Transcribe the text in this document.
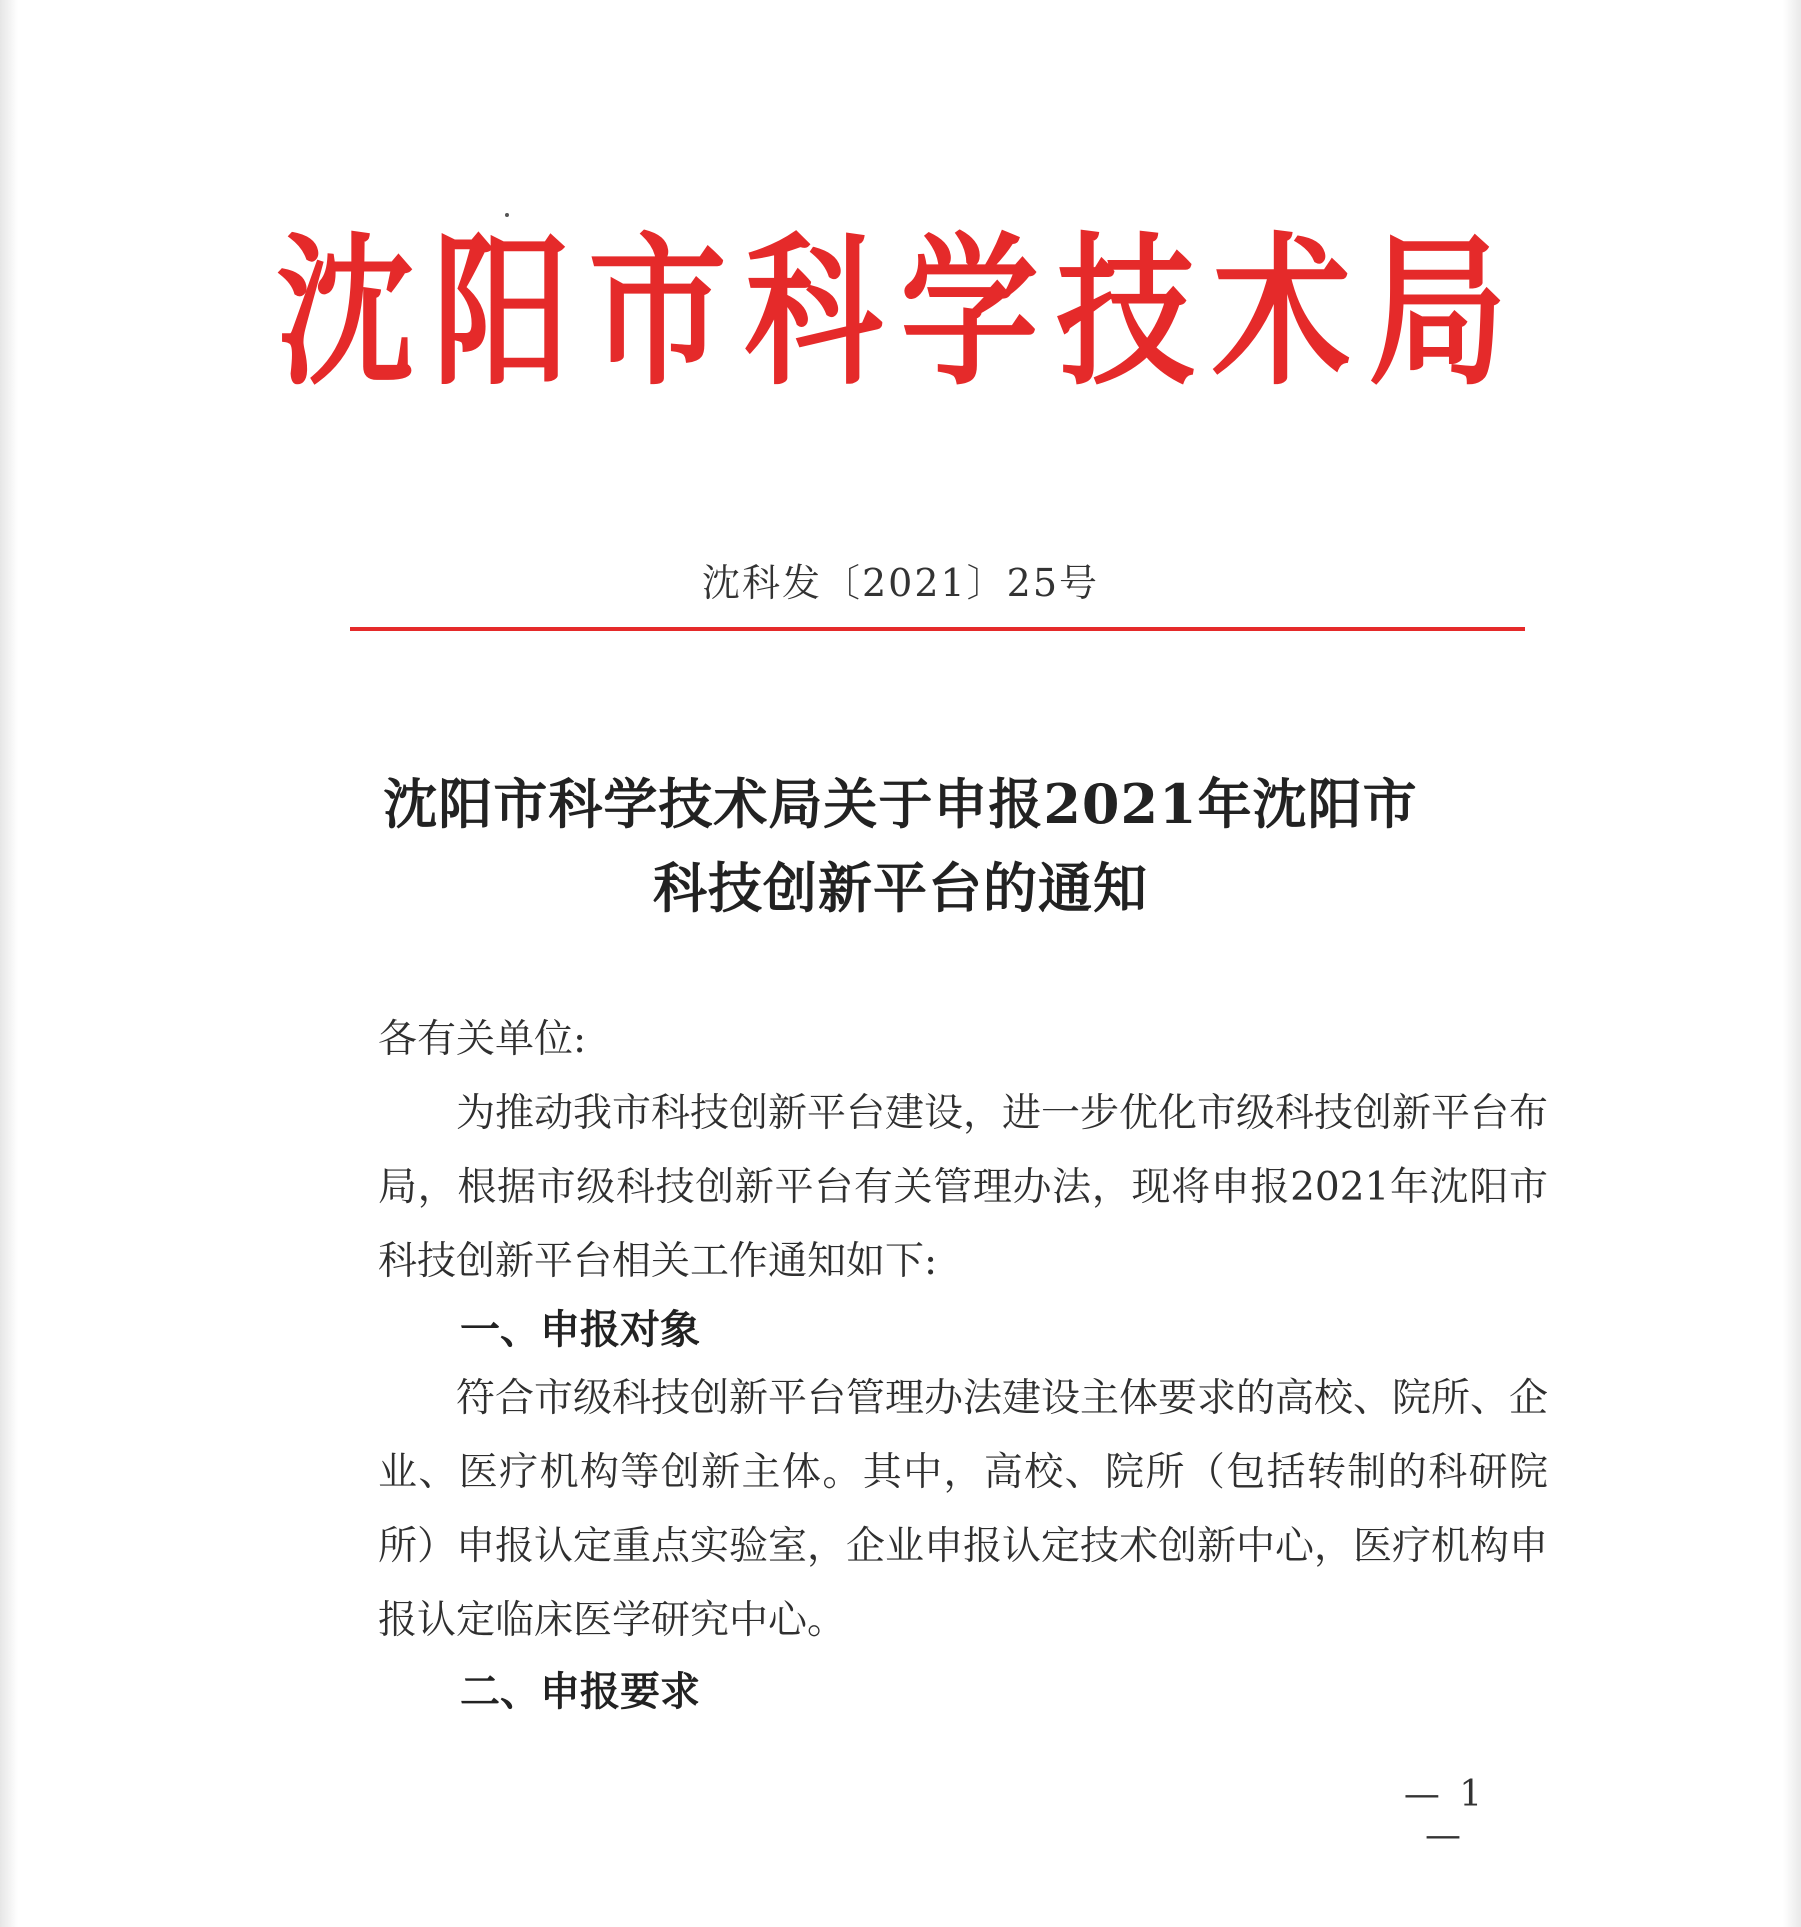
沈阳市科学技术局
沈科发〔2021〕25号
沈阳市科学技术局关于申报2021年沈阳市
科技创新平台的通知
各有关单位:
为推动我市科技创新平台建设，进一步优化市级科技创新平台布局，根据市级科技创新平台有关管理办法，现将申报2021年沈阳市科技创新平台相关工作通知如下:
一、申报对象
符合市级科技创新平台管理办法建设主体要求的高校、院所、企业、医疗机构等创新主体。其中，高校、院所（包括转制的科研院所）申报认定重点实验室，企业申报认定技术创新中心，医疗机构申报认定临床医学研究中心。
二、申报要求
— 1 —
